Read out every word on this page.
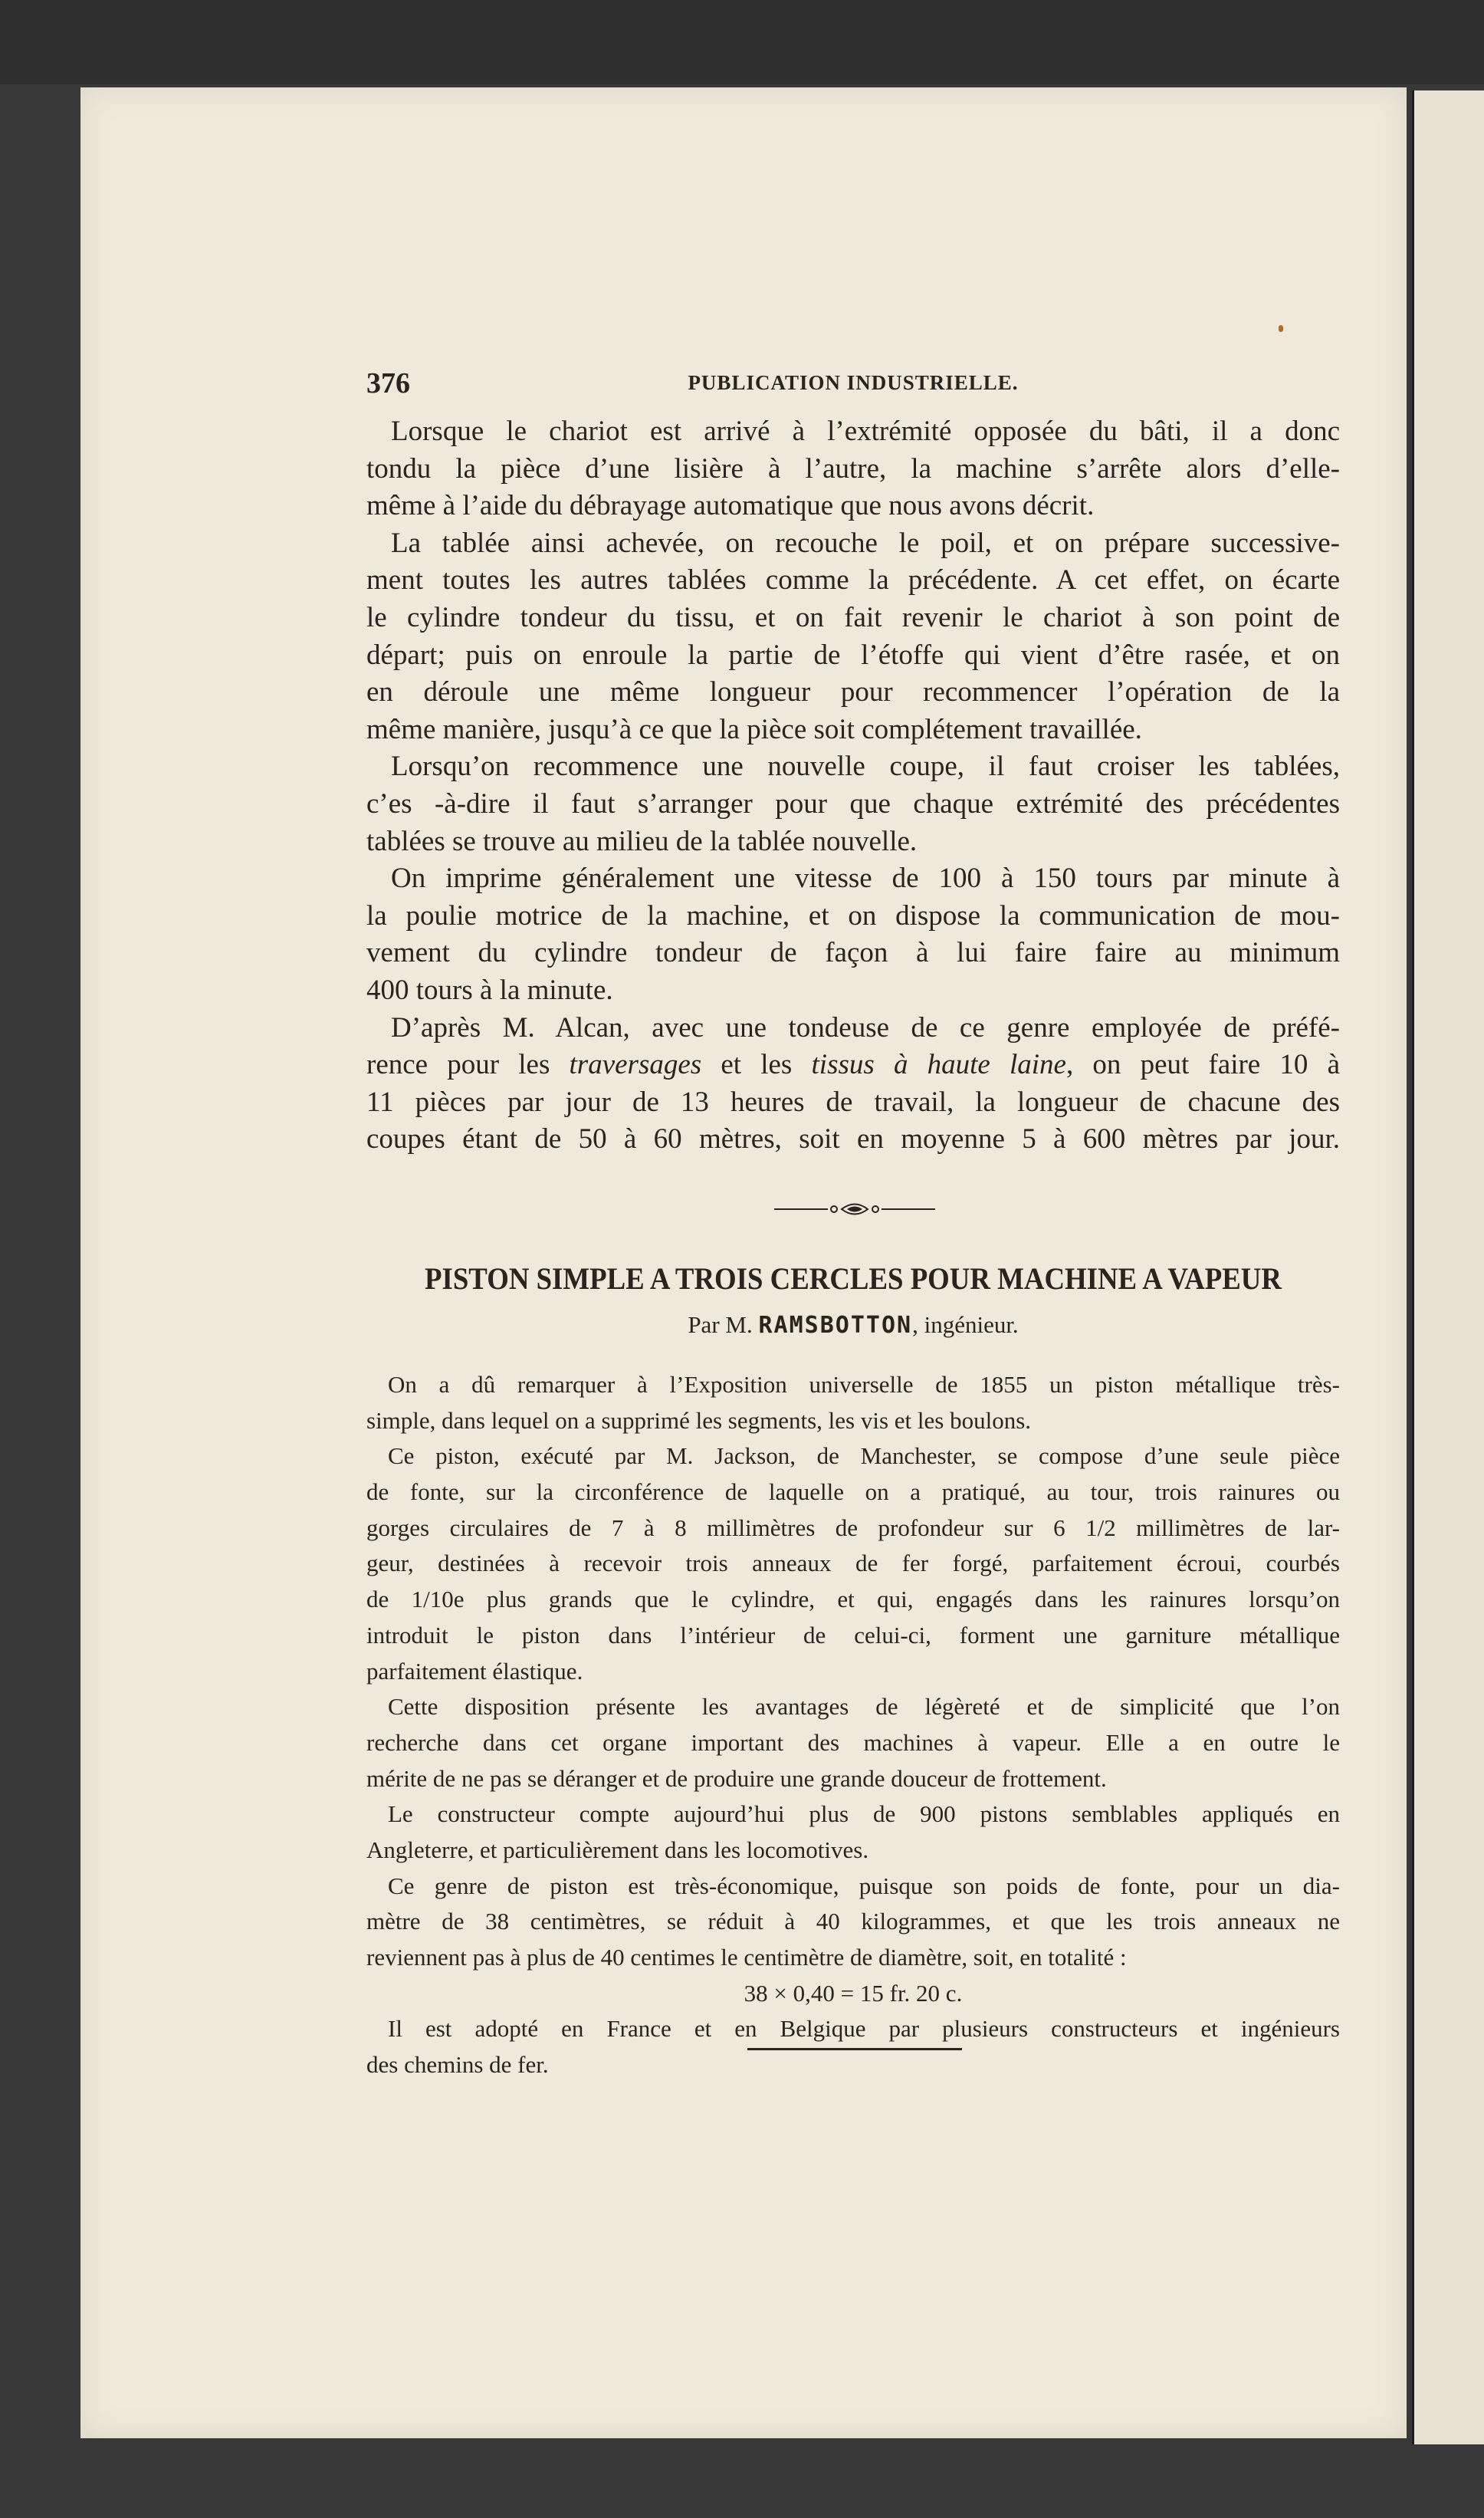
376	PUBLICATION INDUSTRIELLE.
Lorsque le chariot est arrivé à l’extrémité opposée du bâti, il a donc
tondu la pièce d’une lisière à l’autre, la machine s’arrête alors d’elle-
même à l’aide du débrayage automatique que nous avons décrit.
La tablée ainsi achevée, on recouche le poil, et on prépare successive-
ment toutes les autres tablées comme la précédente. A cet effet, on écarte
le cylindre tondeur du tissu, et on fait revenir le chariot à son point de
départ; puis on enroule la partie de l’étoffe qui vient d’être rasée, et on
en déroule une même longueur pour recommencer l’opération de la
même manière, jusqu’à ce que la pièce soit complétement travaillée.
Lorsqu’on recommence une nouvelle coupe, il faut croiser les tablées,
c’es -à-dire il faut s’arranger pour que chaque extrémité des précédentes
tablées se trouve au milieu de la tablée nouvelle.
On imprime généralement une vitesse de 100 à 150 tours par minute à
la poulie motrice de la machine, et on dispose la communication de mou-
vement du cylindre tondeur de façon à lui faire faire au minimum
400 tours à la minute.
D’après M. Alcan, avec une tondeuse de ce genre employée de préfé-
rence pour les traversages et les tissus à haute laine, on peut faire 10 à
11 pièces par jour de 13 heures de travail, la longueur de chacune des
coupes étant de 50 à 60 mètres, soit en moyenne 5 à 600 mètres par jour.
PISTON SIMPLE A TROIS CERCLES POUR MACHINE A VAPEUR
Par M. RAMSBOTTON, ingénieur.
On a dû remarquer à l’Exposition universelle de 1855 un piston métallique très-
simple, dans lequel on a supprimé les segments, les vis et les boulons.
Ce piston, exécuté par M. Jackson, de Manchester, se compose d’une seule pièce
de fonte, sur la circonférence de laquelle on a pratiqué, au tour, trois rainures ou
gorges circulaires de 7 à 8 millimètres de profondeur sur 6 1/2 millimètres de lar-
geur, destinées à recevoir trois anneaux de fer forgé, parfaitement écroui, courbés
de 1/10e plus grands que le cylindre, et qui, engagés dans les rainures lorsqu’on
introduit le piston dans l’intérieur de celui-ci, forment une garniture métallique
parfaitement élastique.
Cette disposition présente les avantages de légèreté et de simplicité que l’on
recherche dans cet organe important des machines à vapeur. Elle a en outre le
mérite de ne pas se déranger et de produire une grande douceur de frottement.
Le constructeur compte aujourd’hui plus de 900 pistons semblables appliqués en
Angleterre, et particulièrement dans les locomotives.
Ce genre de piston est très-économique, puisque son poids de fonte, pour un dia-
mètre de 38 centimètres, se réduit à 40 kilogrammes, et que les trois anneaux ne
reviennent pas à plus de 40 centimes le centimètre de diamètre, soit, en totalité :
38 × 0,40 = 15 fr. 20 c.
Il est adopté en France et en Belgique par plusieurs constructeurs et ingénieurs
des chemins de fer.
